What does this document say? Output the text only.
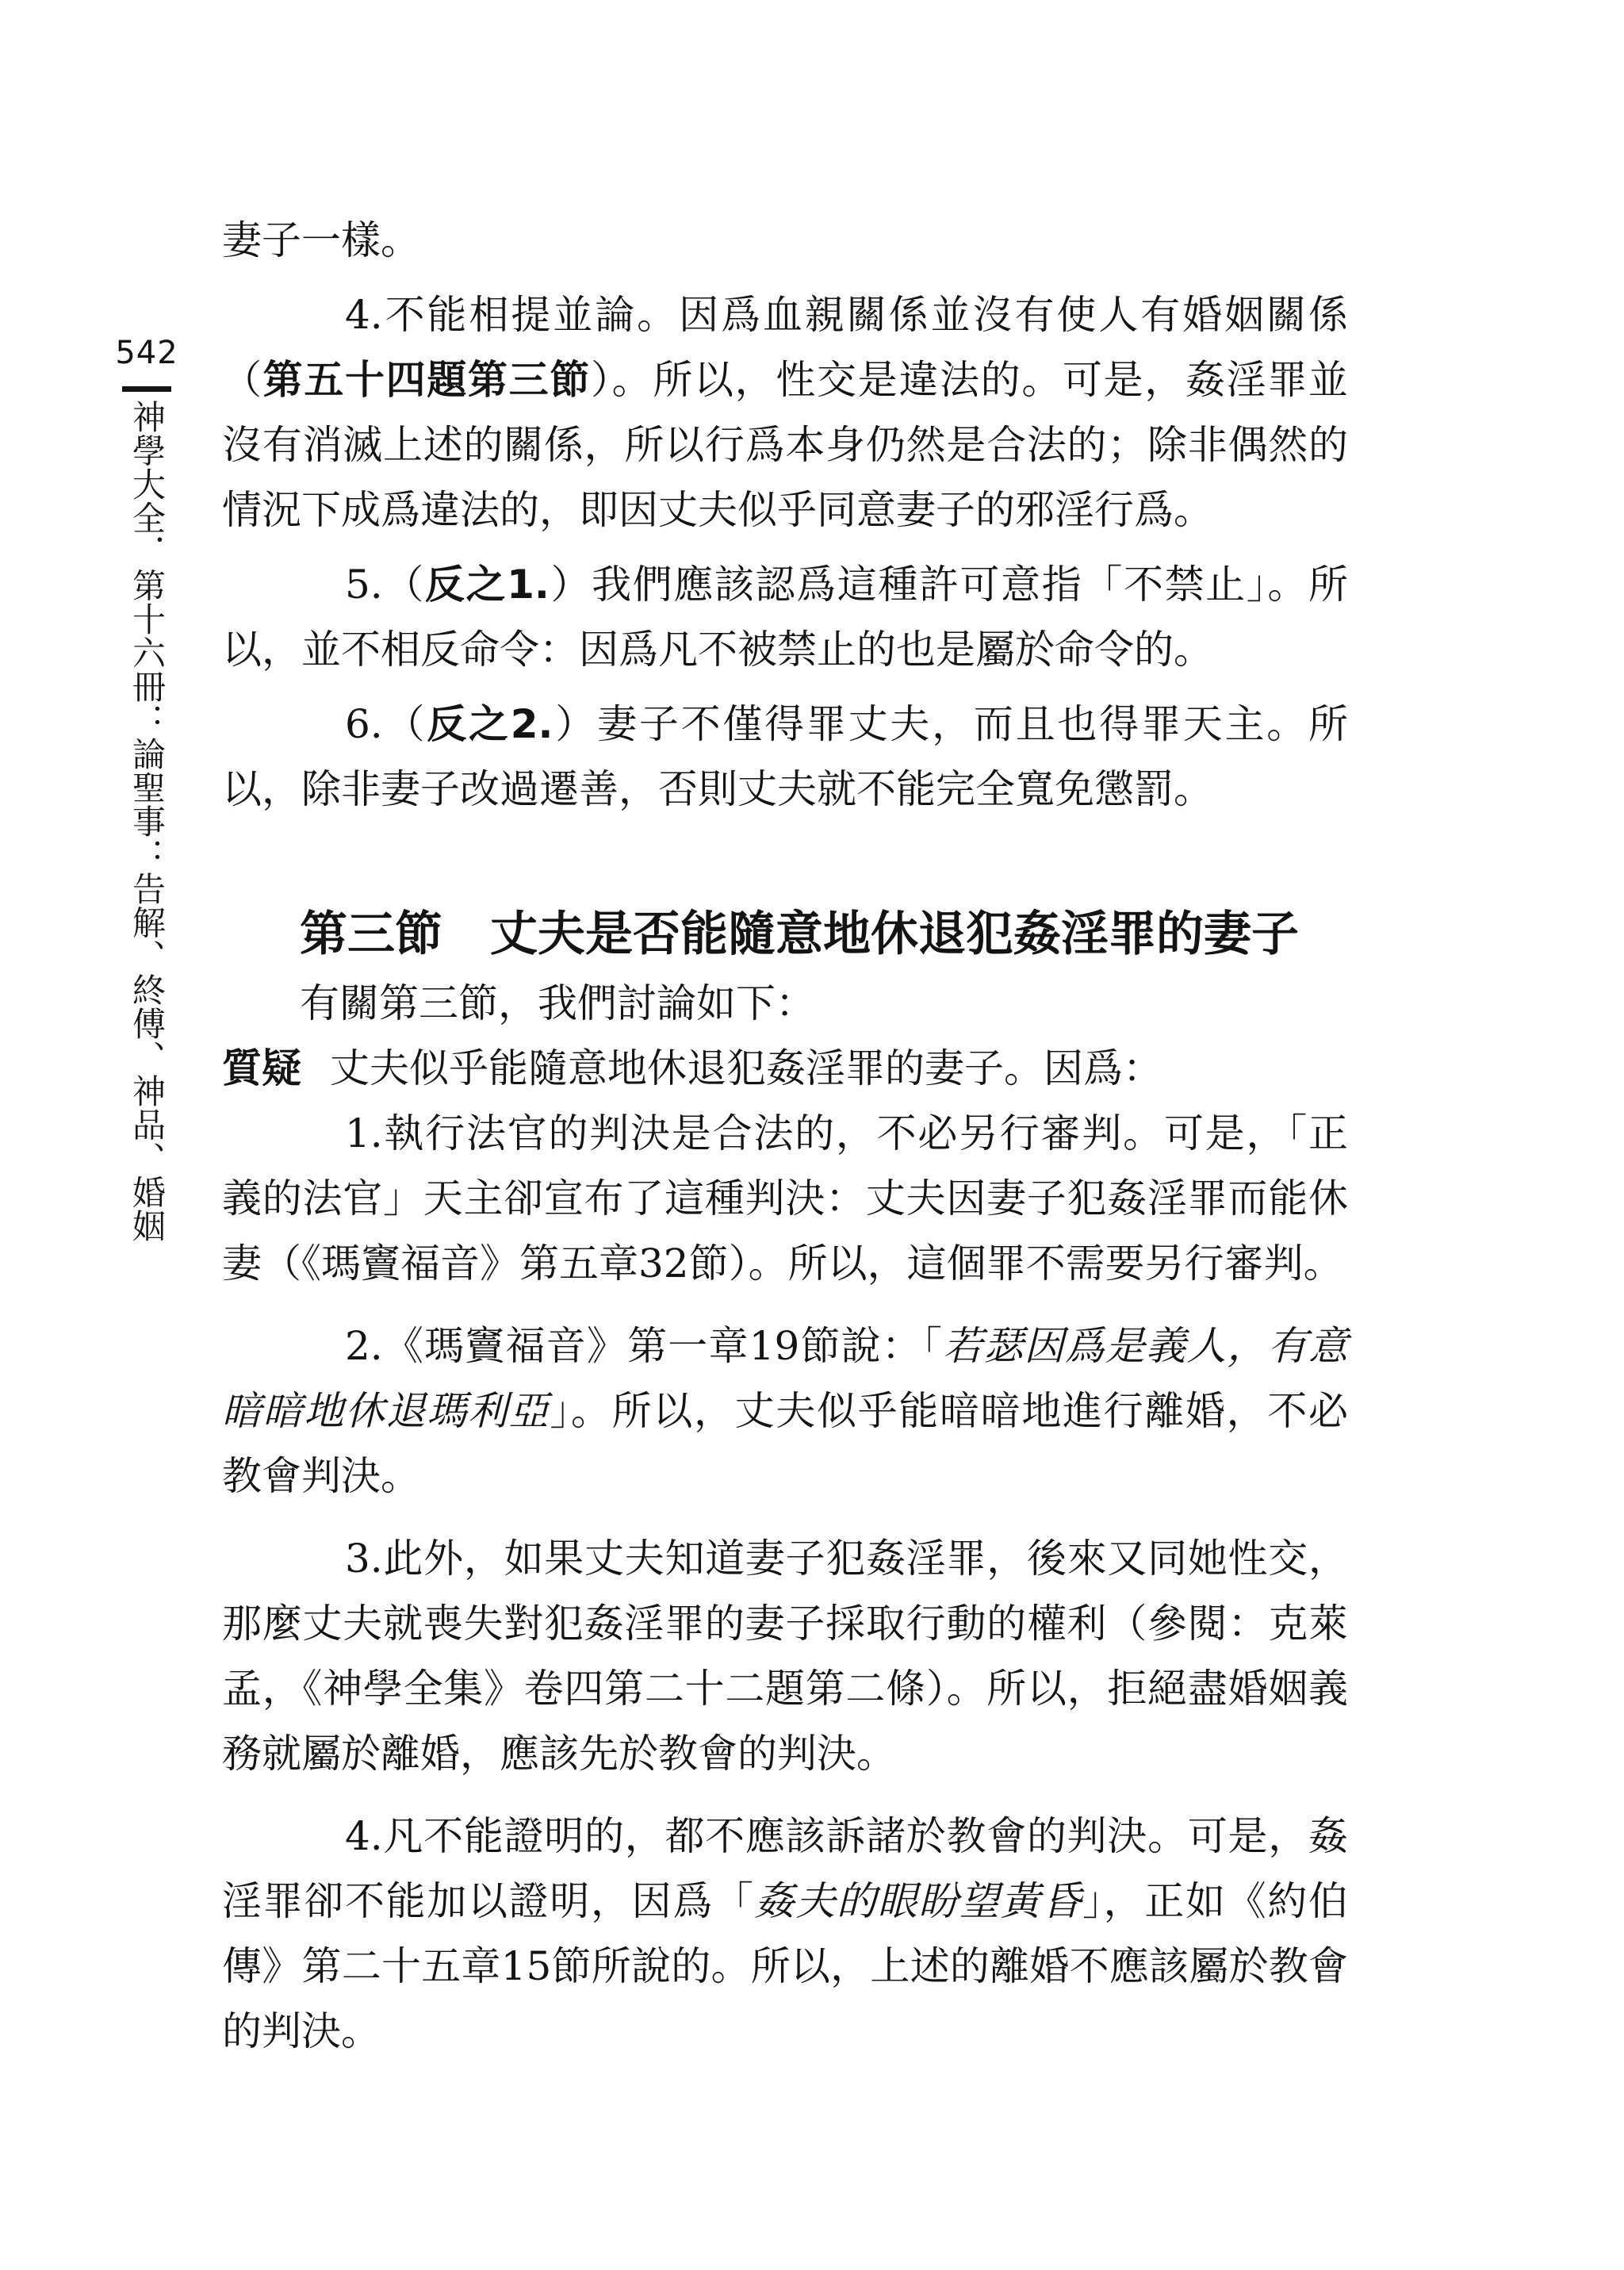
542
神學大全．第十六冊：論聖事：告解、終傅、神品、婚姻

妻子一樣。

4.不能相提並論。因爲血親關係並沒有使人有婚姻關係（第五十四題第三節）。所以，性交是違法的。可是，姦淫罪並沒有消滅上述的關係，所以行爲本身仍然是合法的；除非偶然的情況下成爲違法的，即因丈夫似乎同意妻子的邪淫行爲。

5.（反之1.）我們應該認爲這種許可意指「不禁止」。所以，並不相反命令：因爲凡不被禁止的也是屬於命令的。

6.（反之2.）妻子不僅得罪丈夫，而且也得罪天主。所以，除非妻子改過遷善，否則丈夫就不能完全寬免懲罰。

第三節　丈夫是否能隨意地休退犯姦淫罪的妻子

有關第三節，我們討論如下：

質疑 丈夫似乎能隨意地休退犯姦淫罪的妻子。因爲：

1.執行法官的判決是合法的，不必另行審判。可是，「正義的法官」天主卻宣布了這種判決：丈夫因妻子犯姦淫罪而能休妻（《瑪竇福音》第五章32節）。所以，這個罪不需要另行審判。

2.《瑪竇福音》第一章19節說：「若瑟因爲是義人，有意暗暗地休退瑪利亞」。所以，丈夫似乎能暗暗地進行離婚，不必教會判決。

3.此外，如果丈夫知道妻子犯姦淫罪，後來又同她性交，那麼丈夫就喪失對犯姦淫罪的妻子採取行動的權利（參閱：克萊孟，《神學全集》卷四第二十二題第二條）。所以，拒絕盡婚姻義務就屬於離婚，應該先於教會的判決。

4.凡不能證明的，都不應該訴諸於教會的判決。可是，姦淫罪卻不能加以證明，因爲「姦夫的眼盼望黃昏」，正如《約伯傳》第二十五章15節所說的。所以，上述的離婚不應該屬於教會的判決。
